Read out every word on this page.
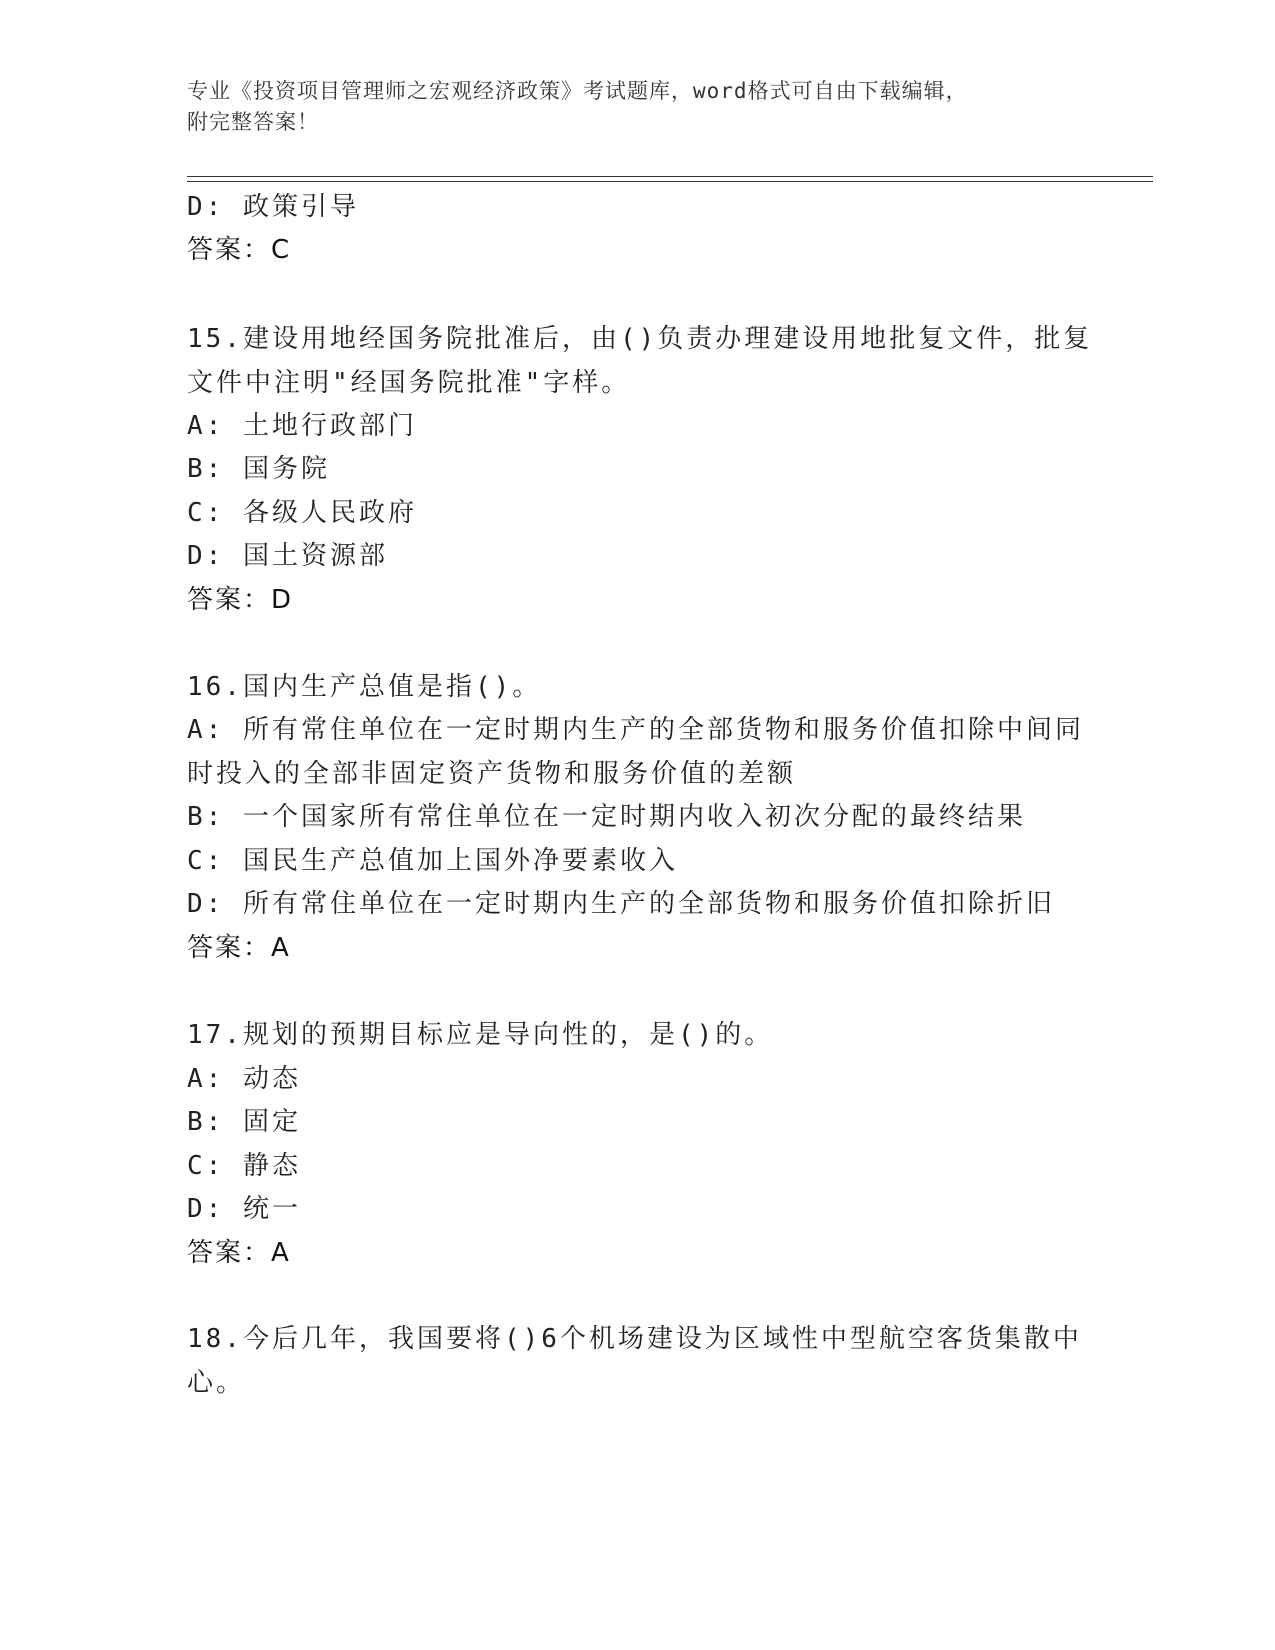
专业《投资项目管理师之宏观经济政策》考试题库，word格式可自由下载编辑，
附完整答案！
D: 政策引导
答案：C
15.建设用地经国务院批准后，由()负责办理建设用地批复文件，批复
文件中注明"经国务院批准"字样。
A: 土地行政部门
B: 国务院
C: 各级人民政府
D: 国土资源部
答案：D
16.国内生产总值是指()。
A: 所有常住单位在一定时期内生产的全部货物和服务价值扣除中间同
时投入的全部非固定资产货物和服务价值的差额
B: 一个国家所有常住单位在一定时期内收入初次分配的最终结果
C: 国民生产总值加上国外净要素收入
D: 所有常住单位在一定时期内生产的全部货物和服务价值扣除折旧
答案：A
17.规划的预期目标应是导向性的，是()的。
A: 动态
B: 固定
C: 静态
D: 统一
答案：A
18.今后几年，我国要将()6个机场建设为区域性中型航空客货集散中
心。
